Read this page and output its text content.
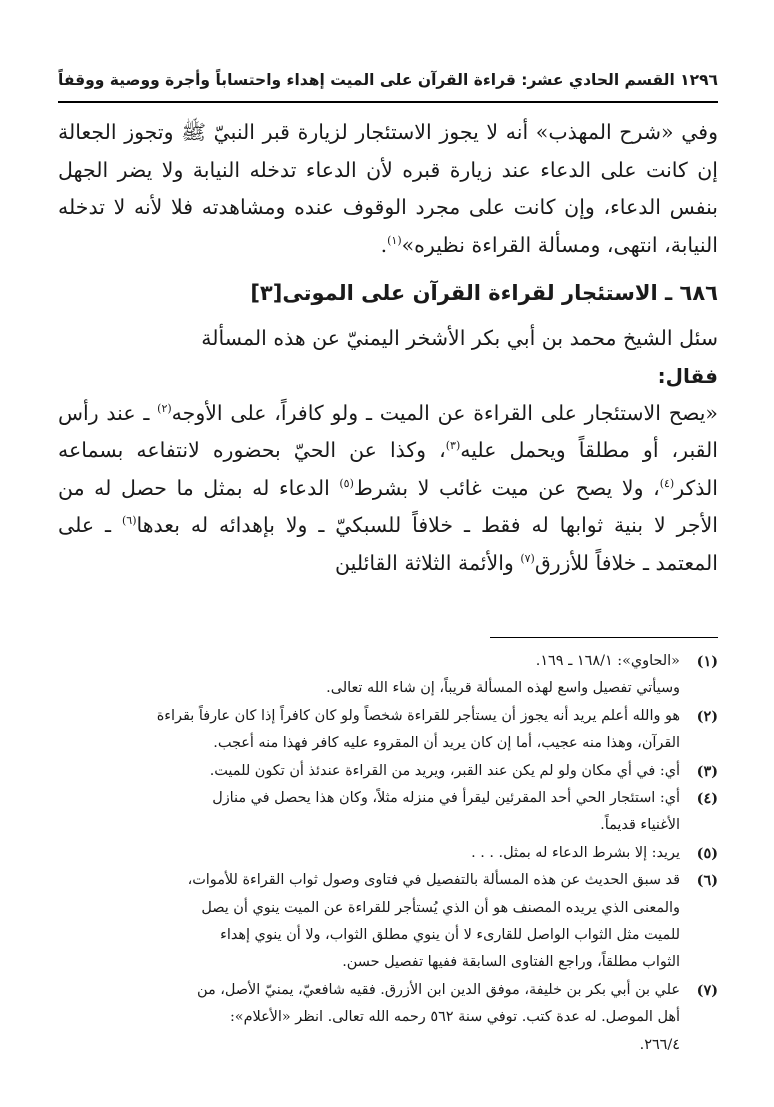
١٢٩٦
القسم الحادي عشر: قراءة القرآن على الميت إهداء واحتساباً وأجرة ووصية ووقفاً

وفي «شرح المهذب» أنه لا يجوز الاستئجار لزيارة قبر النبيّ ﷺ وتجوز الجعالة إن كانت على الدعاء عند زيارة قبره لأن الدعاء تدخله النيابة ولا يضر الجهل بنفس الدعاء، وإن كانت على مجرد الوقوف عنده ومشاهدته فلا لأنه لا تدخله النيابة، انتهى، ومسألة القراءة نظيره»$^{(١)}$.

٦٨٦ ـ الاستئجار لقراءة القرآن على الموتى[٣]

سئل الشيخ محمد بن أبي بكر الأشخر اليمنيّ عن هذه المسألة

فقال:

«يصح الاستئجار على القراءة عن الميت ـ ولو كافراً، على الأوجه$^{(٢)}$ ـ عند رأس القبر، أو مطلقاً ويحمل عليه$^{(٣)}$، وكذا عن الحيّ بحضوره لانتفاعه بسماعه الذكر$^{(٤)}$، ولا يصح عن ميت غائب لا بشرط$^{(٥)}$ الدعاء له بمثل ما حصل له من الأجر لا بنية ثوابها له فقط ـ خلافاً للسبكيّ ـ ولا بإهدائه له بعدها$^{(٦)}$ ـ على المعتمد ـ خلافاً للأزرق$^{(٧)}$ والأئمة الثلاثة القائلين

(١)
«الحاوي»: ١٦٨/١ ـ ١٦٩.
وسيأتي تفصيل واسع لهذه المسألة قريباً، إن شاء الله تعالى.
(٢)
هو والله أعلم يريد أنه يجوز أن يستأجر للقراءة شخصاً ولو كان كافراً إذا كان عارفاً بقراءة
القرآن، وهذا منه عجيب، أما إن كان يريد أن المقروء عليه كافر فهذا منه أعجب.
(٣)
أي: في أي مكان ولو لم يكن عند القبر، ويريد من القراءة عندئذ أن تكون للميت.
(٤)
أي: استئجار الحي أحد المقرئين ليقرأ في منزله مثلاً، وكان هذا يحصل في منازل
الأغنياء قديماً.
(٥)
يريد: إلا بشرط الدعاء له بمثل. . . .
(٦)
قد سبق الحديث عن هذه المسألة بالتفصيل في فتاوى وصول ثواب القراءة للأموات،
والمعنى الذي يريده المصنف هو أن الذي يُستأجر للقراءة عن الميت ينوي أن يصل
للميت مثل الثواب الواصل للقارىء لا أن ينوي مطلق الثواب، ولا أن ينوي إهداء
الثواب مطلقاً، وراجع الفتاوى السابقة ففيها تفصيل حسن.
(٧)
علي بن أبي بكر بن خليفة، موفق الدين ابن الأزرق. فقيه شافعيّ، يمنيّ الأصل، من
أهل الموصل. له عدة كتب. توفي سنة ٥٦٢ رحمه الله تعالى. انظر «الأعلام»:
٢٦٦/٤.
